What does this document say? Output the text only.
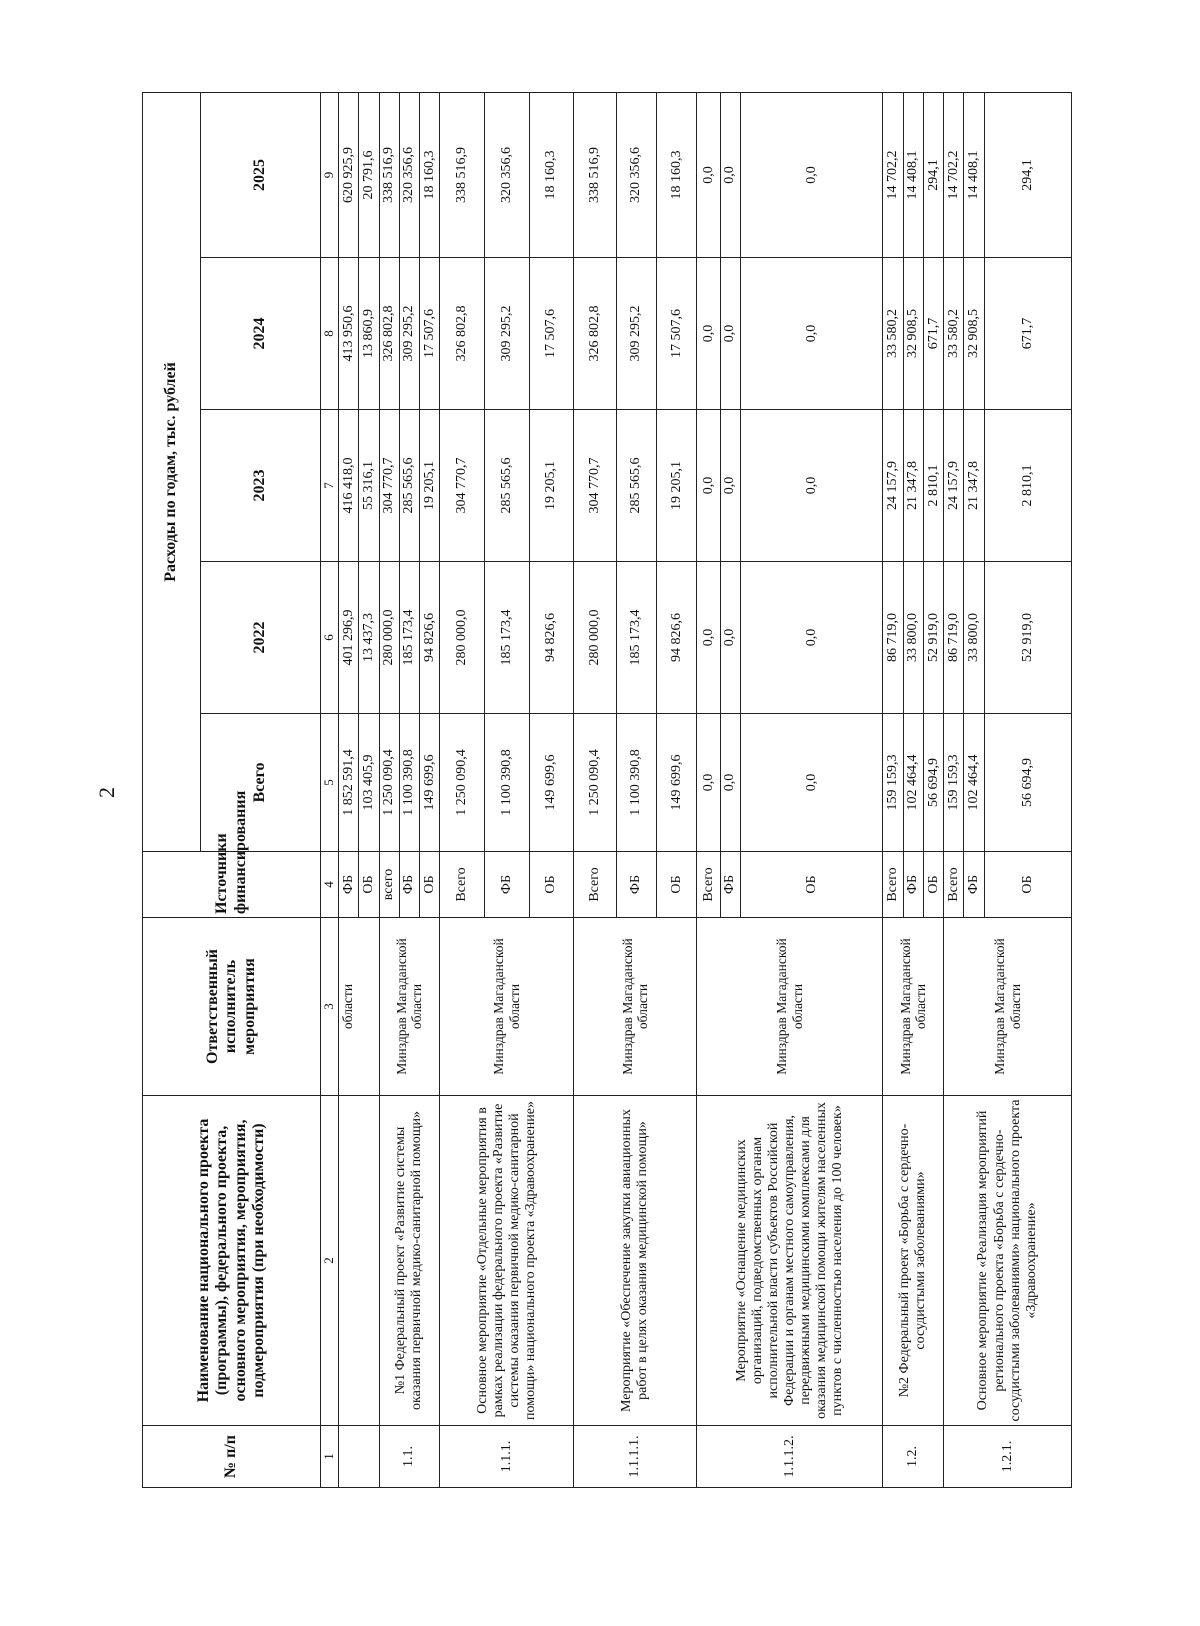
2
№ п/п	Наименование национального проекта (программы), федерального проекта, основного мероприятия, мероприятия, подмероприятия (при необходимости)	Ответственный исполнитель мероприятия	Источники финансирования	Расходы по годам, тыс. рублей				
				Всего	2022	2023	2024	2025
1	2	3	4	5	6	7	8	9
		области	ФБ	1 852 591,4	401 296,9	416 418,0	413 950,6	620 925,9
			ОБ	103 405,9	13 437,3	55 316,1	13 860,9	20 791,6
1.1.	№1 Федеральный проект «Развитие системы оказания первичной медико-санитарной помощи»	Минздрав Магаданской области	всего	1 250 090,4	280 000,0	304 770,7	326 802,8	338 516,9
			ФБ	1 100 390,8	185 173,4	285 565,6	309 295,2	320 356,6
			ОБ	149 699,6	94 826,6	19 205,1	17 507,6	18 160,3
1.1.1.	Основное мероприятие «Отдельные мероприятия в рамках реализации федерального проекта «Развитие системы оказания первичной медико-санитарной помощи» национального проекта «Здравоохранение»	Минздрав Магаданской области	Всего	1 250 090,4	280 000,0	304 770,7	326 802,8	338 516,9
			ФБ	1 100 390,8	185 173,4	285 565,6	309 295,2	320 356,6
			ОБ	149 699,6	94 826,6	19 205,1	17 507,6	18 160,3
1.1.1.1.	Мероприятие «Обеспечение закупки авиационных работ в целях оказания медицинской помощи»	Минздрав Магаданской области	Всего	1 250 090,4	280 000,0	304 770,7	326 802,8	338 516,9
			ФБ	1 100 390,8	185 173,4	285 565,6	309 295,2	320 356,6
			ОБ	149 699,6	94 826,6	19 205,1	17 507,6	18 160,3
1.1.1.2.	Мероприятие «Оснащение медицинских организаций, подведомственных органам исполнительной власти субъектов Российской Федерации и органам местного самоуправления, передвижными медицинскими комплексами для оказания медицинской помощи жителям населенных пунктов с численностью населения до 100 человек»	Минздрав Магаданской области	Всего	0,0	0,0	0,0	0,0	0,0
			ФБ	0,0	0,0	0,0	0,0	0,0
			ОБ	0,0	0,0	0,0	0,0	0,0
1.2.	№2 Федеральный проект «Борьба с сердечно-сосудистыми заболеваниями»	Минздрав Магаданской области	Всего	159 159,3	86 719,0	24 157,9	33 580,2	14 702,2
			ФБ	102 464,4	33 800,0	21 347,8	32 908,5	14 408,1
			ОБ	56 694,9	52 919,0	2 810,1	671,7	294,1
1.2.1.	Основное мероприятие «Реализация мероприятий регионального проекта «Борьба с сердечно-сосудистыми заболеваниями» национального проекта «Здравоохранение»	Минздрав Магаданской области	Всего	159 159,3	86 719,0	24 157,9	33 580,2	14 702,2
			ФБ	102 464,4	33 800,0	21 347,8	32 908,5	14 408,1
			ОБ	56 694,9	52 919,0	2 810,1	671,7	294,1
